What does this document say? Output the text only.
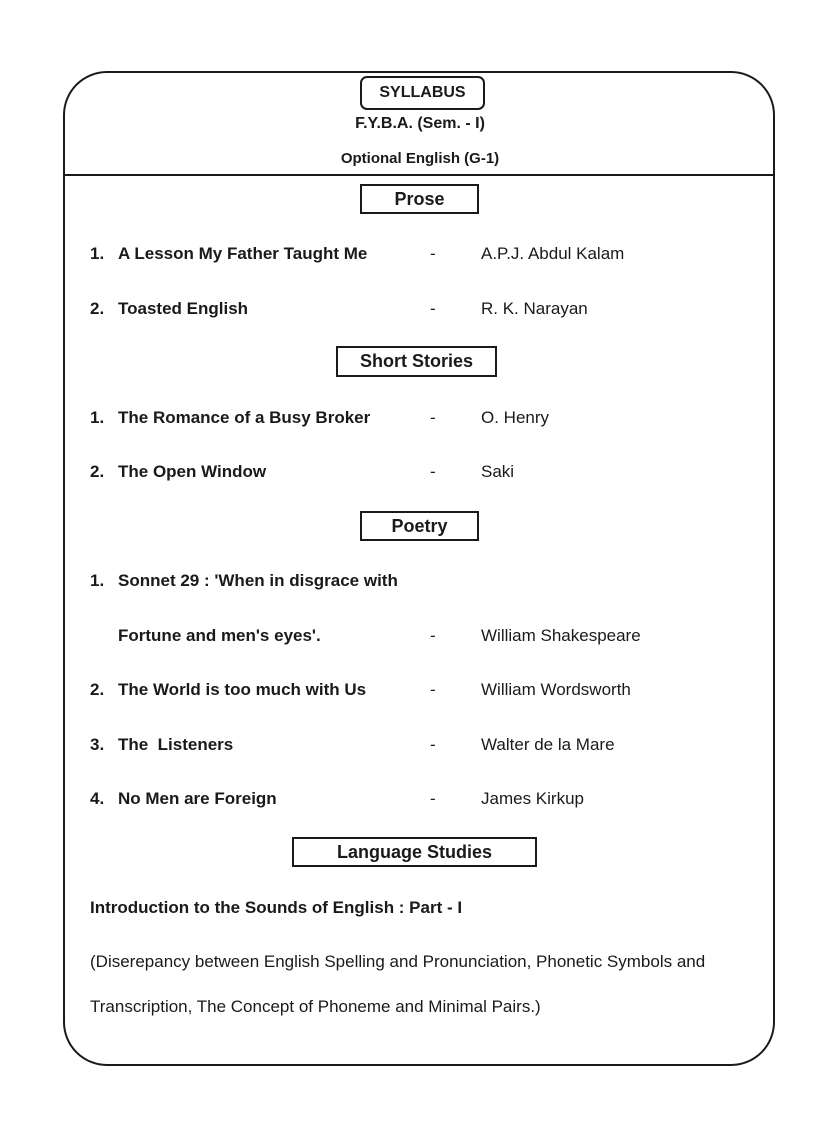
SYLLABUS
F.Y.B.A. (Sem. - I)
Optional English (G-1)
Prose
1. A Lesson My Father Taught Me	-	A.P.J. Abdul Kalam
2. Toasted English	-	R. K. Narayan
Short Stories
1. The Romance of a Busy Broker	-	O. Henry
2. The Open Window	-	Saki
Poetry
1. Sonnet 29 : 'When in disgrace with
Fortune and men's eyes'.	-	William Shakespeare
2. The World is too much with Us	-	William Wordsworth
3. The  Listeners	-	Walter de la Mare
4. No Men are Foreign	-	James Kirkup
Language Studies
Introduction to the Sounds of English : Part - I
(Diserepancy between English Spelling and Pronunciation, Phonetic Symbols and
Transcription, The Concept of Phoneme and Minimal Pairs.)
